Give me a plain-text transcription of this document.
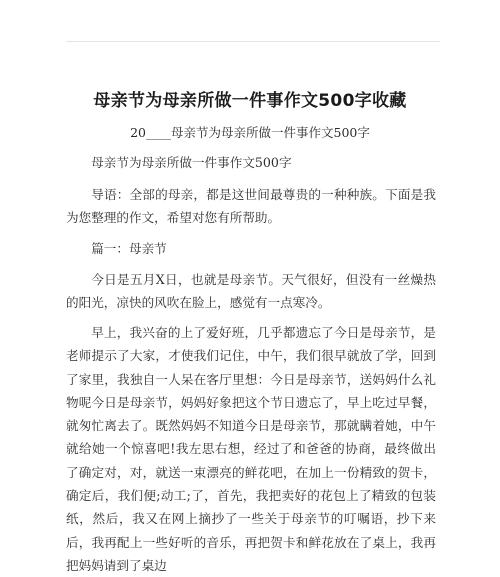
母亲节为母亲所做一件事作文500字收藏
20____母亲节为母亲所做一件事作文500字

母亲节为母亲所做一件事作文500字

导语：全部的母亲，都是这世间最尊贵的一种种族。下面是我为您整理的作文，希望对您有所帮助。

篇一：母亲节

今日是五月X日，也就是母亲节。天气很好，但没有一丝燥热的阳光，凉快的风吹在脸上，感觉有一点寒冷。

早上，我兴奋的上了爱好班，几乎都遗忘了今日是母亲节，是老师提示了大家，才使我们记住，中午，我们很早就放了学，回到了家里，我独自一人呆在客厅里想：今日是母亲节，送妈妈什么礼物呢今日是母亲节，妈妈好象把这个节日遗忘了，早上吃过早餐，就匆忙离去了。既然妈妈不知道今日是母亲节，那就瞒着她，中午就给她一个惊喜吧!我左思右想，经过了和爸爸的协商，最终做出了确定对，对，就送一束漂亮的鲜花吧，在加上一份精致的贺卡，确定后，我们便;动工;了，首先，我把卖好的花包上了精致的包装纸，然后，我又在网上摘抄了一些关于母亲节的叮嘱语，抄下来后，我再配上一些好听的音乐，再把贺卡和鲜花放在了桌上，我再把妈妈请到了桌边
